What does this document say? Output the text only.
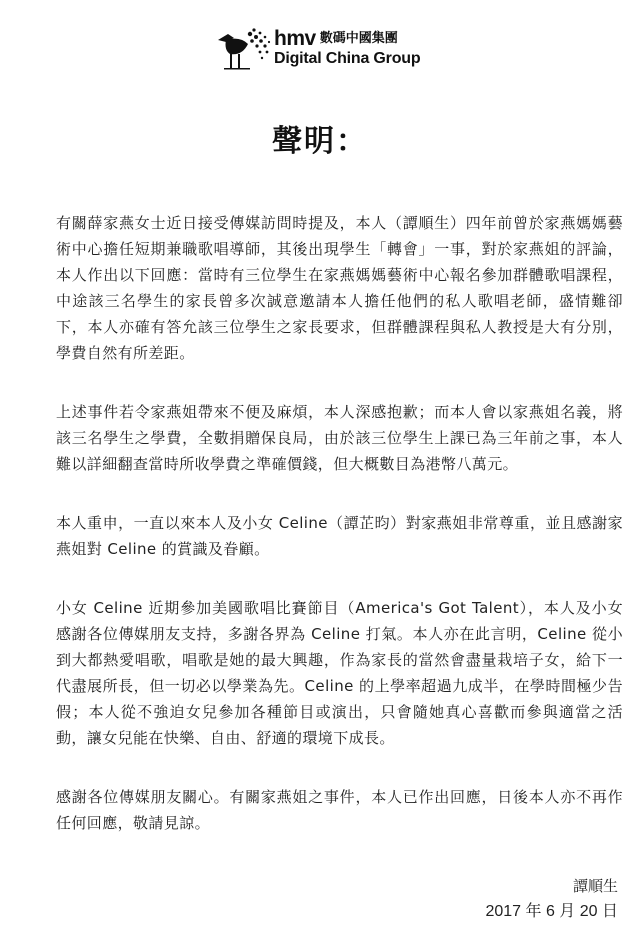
hmv 數碼中國集團
Digital China Group
聲明：

有關薛家燕女士近日接受傳媒訪問時提及，本人（譚順生）四年前曾於家燕媽媽藝術中心擔任短期兼職歌唱導師，其後出現學生「轉會」一事，對於家燕姐的評論，本人作出以下回應：當時有三位學生在家燕媽媽藝術中心報名參加群體歌唱課程，中途該三名學生的家長曾多次誠意邀請本人擔任他們的私人歌唱老師，盛情難卻下，本人亦確有答允該三位學生之家長要求，但群體課程與私人教授是大有分別，學費自然有所差距。

上述事件若令家燕姐帶來不便及麻煩，本人深感抱歉；而本人會以家燕姐名義，將該三名學生之學費，全數捐贈保良局，由於該三位學生上課已為三年前之事，本人難以詳細翻查當時所收學費之準確價錢，但大概數目為港幣八萬元。

本人重申，一直以來本人及小女 Celine（譚芷昀）對家燕姐非常尊重，並且感謝家燕姐對 Celine 的賞識及眷顧。

小女 Celine 近期參加美國歌唱比賽節目（America's Got Talent），本人及小女感謝各位傳媒朋友支持，多謝各界為 Celine 打氣。本人亦在此言明，Celine 從小到大都熱愛唱歌，唱歌是她的最大興趣，作為家長的當然會盡量栽培子女，給下一代盡展所長，但一切必以學業為先。Celine 的上學率超過九成半，在學時間極少告假；本人從不強迫女兒參加各種節目或演出，只會隨她真心喜歡而參與適當之活動，讓女兒能在快樂、自由、舒適的環境下成長。

感謝各位傳媒朋友關心。有關家燕姐之事件，本人已作出回應，日後本人亦不再作任何回應，敬請見諒。

譚順生
2017 年 6 月 20 日
